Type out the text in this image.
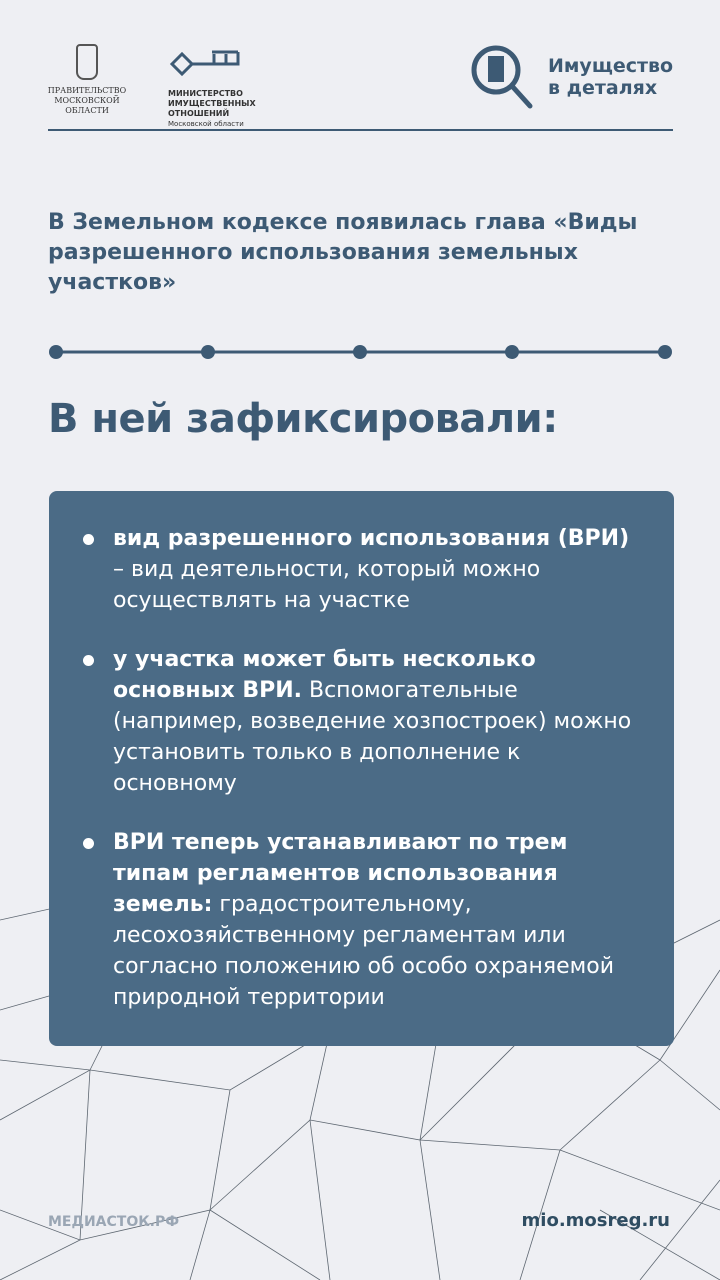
ПРАВИТЕЛЬСТВО
МОСКОВСКОЙ
ОБЛАСТИ
МИНИСТЕРСТВО
ИМУЩЕСТВЕННЫХ
ОТНОШЕНИЙ
Московской области
Имущество
в деталях
В Земельном кодексе появилась глава «Виды разрешенного использования земельных участков»
В ней зафиксировали:
вид разрешенного использования (ВРИ) – вид деятельности, который можно осуществлять на участке
у участка может быть несколько основных ВРИ. Вспомогательные (например, возведение хозпостроек) можно установить только в дополнение к основному
ВРИ теперь устанавливают по трем типам регламентов использования земель: градостроительному, лесохозяйственному регламентам или согласно положению об особо охраняемой природной территории
МЕДИАСТОК.РФ	mio.mosreg.ru
